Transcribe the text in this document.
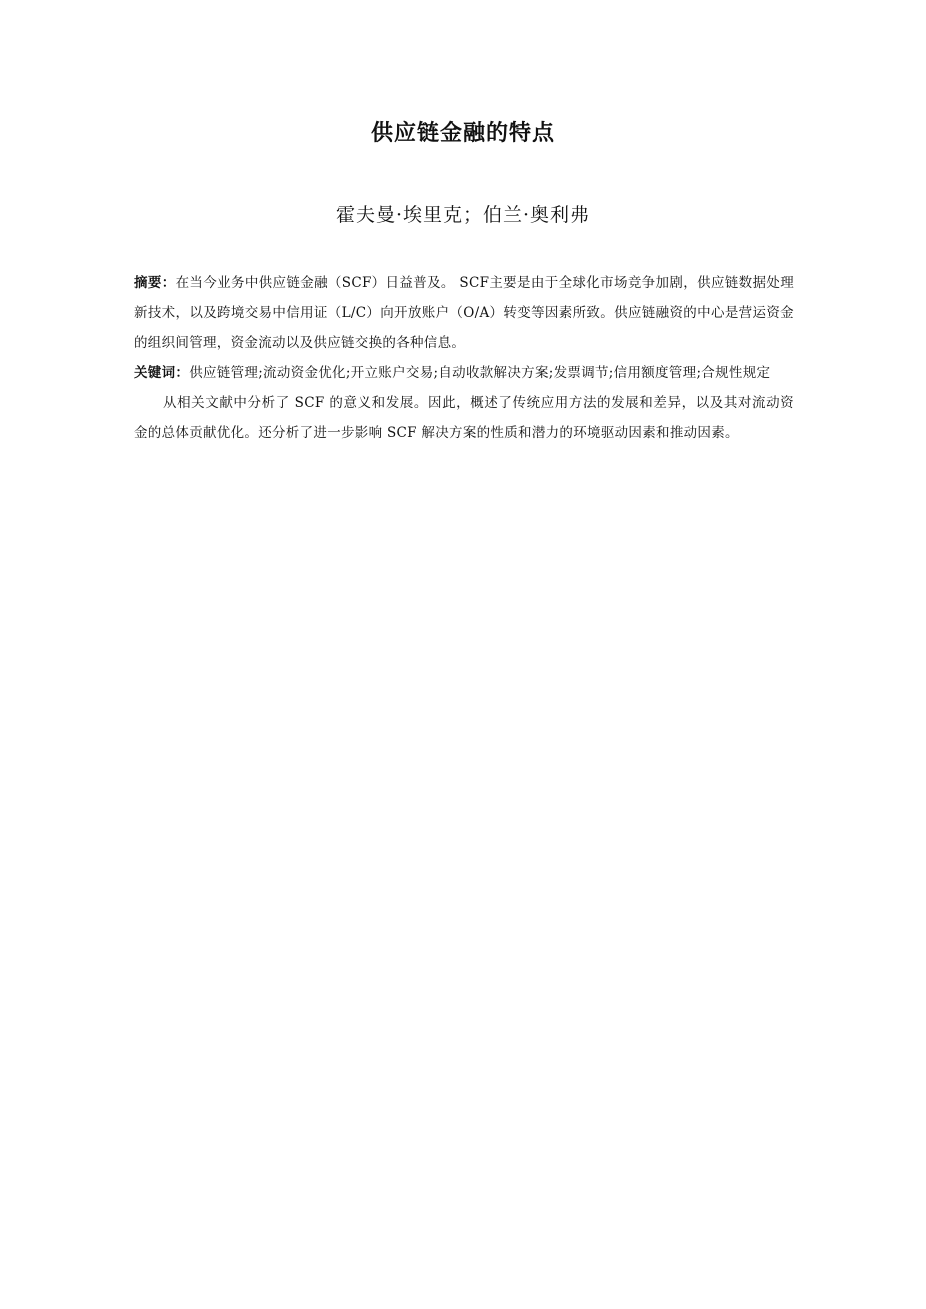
供应链金融的特点
霍夫曼·埃里克；伯兰·奥利弗

摘要：在当今业务中供应链金融（SCF）日益普及。 SCF主要是由于全球化市场竞争加剧，供应链数据处理新技术，以及跨境交易中信用证（L/C）向开放账户（O/A）转变等因素所致。供应链融资的中心是营运资金的组织间管理，资金流动以及供应链交换的各种信息。

关键词：供应链管理;流动资金优化;开立账户交易;自动收款解决方案;发票调节;信用额度管理;合规性规定

从相关文献中分析了 SCF 的意义和发展。因此，概述了传统应用方法的发展和差异，以及其对流动资金的总体贡献优化。还分析了进一步影响 SCF 解决方案的性质和潜力的环境驱动因素和推动因素。
